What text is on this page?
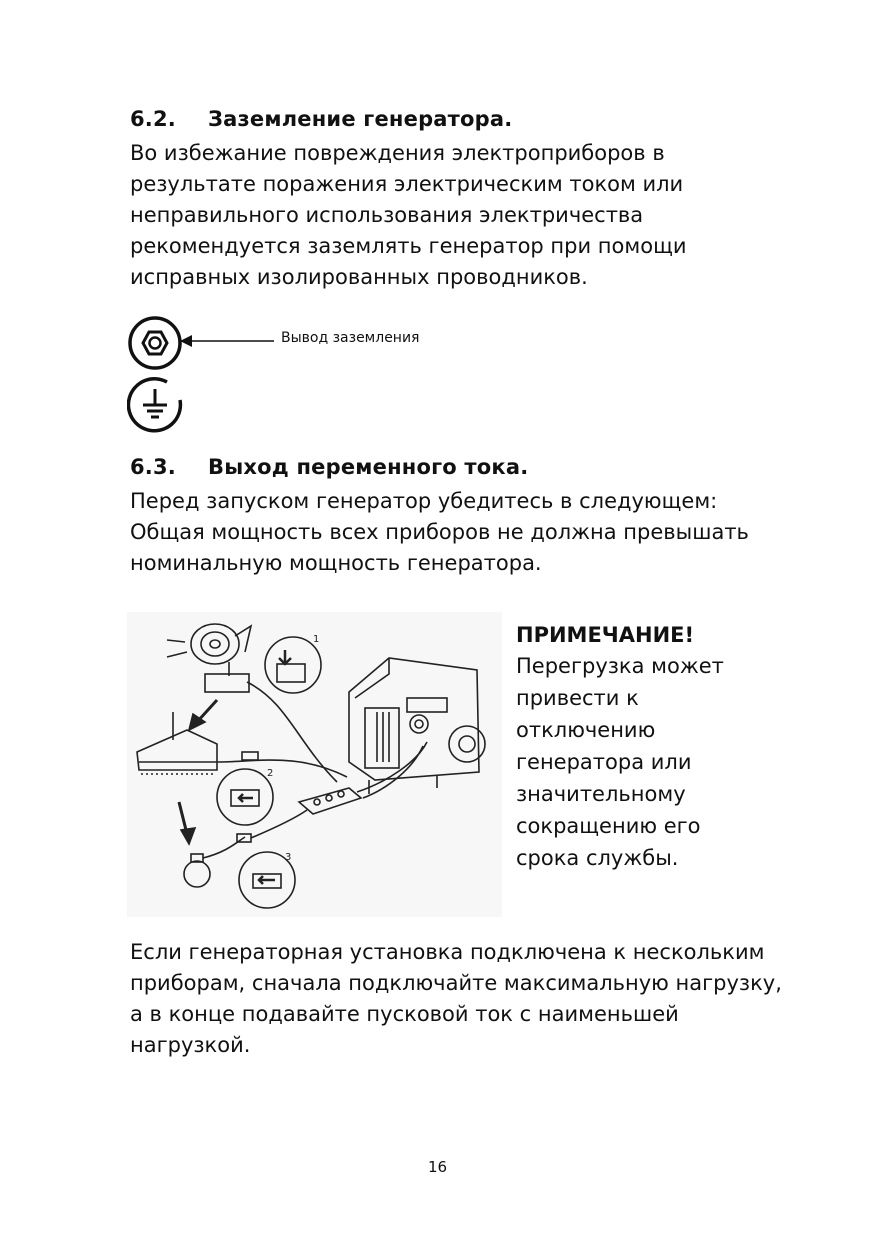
6.2. Заземление генератора.
Во избежание повреждения электроприборов в
результате поражения электрическим током или
неправильного использования электричества
рекомендуется заземлять генератор при помощи
исправных изолированных проводников.
Вывод заземления
6.3. Выход переменного тока.
Перед запуском генератор убедитесь в следующем:
Общая мощность всех приборов не должна превышать
номинальную мощность генератора.
1
2
3
ПРИМЕЧАНИЕ!
Перегрузка может
привести к
отключению
генератора или
значительному
сокращению его
срока службы.
Если генераторная установка подключена к нескольким
приборам, сначала подключайте максимальную нагрузку,
а в конце подавайте пусковой ток с наименьшей
нагрузкой.
16
